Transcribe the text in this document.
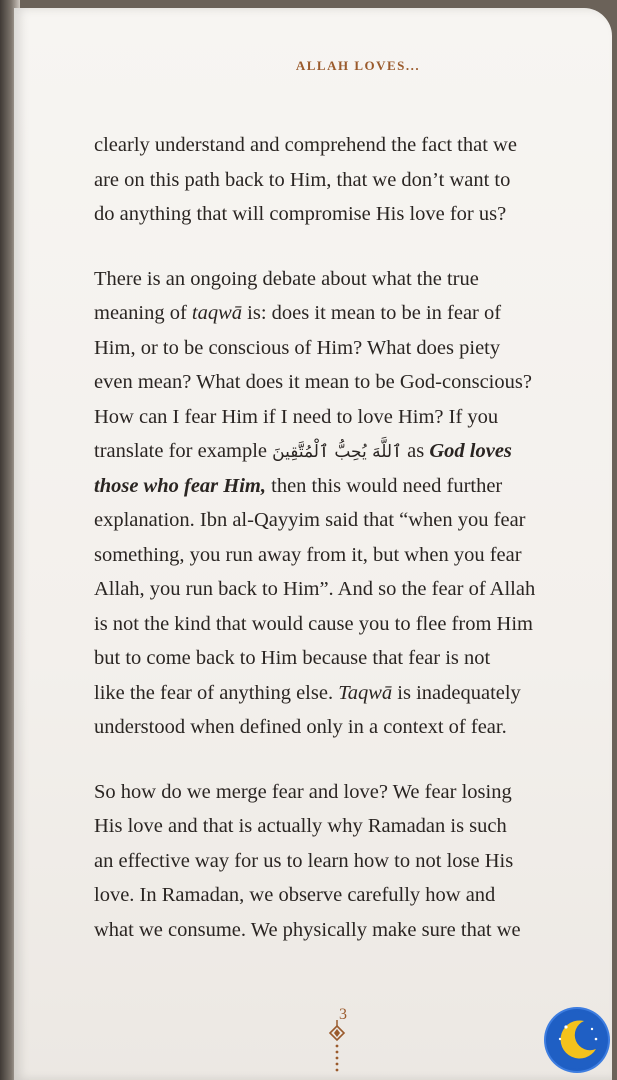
ALLAH LOVES...

clearly understand and comprehend the fact that we
are on this path back to Him, that we don’t want to
do anything that will compromise His love for us?

There is an ongoing debate about what the true
meaning of taqwā is: does it mean to be in fear of
Him, or to be conscious of Him? What does piety
even mean? What does it mean to be God-conscious?
How can I fear Him if I need to love Him? If you
translate for example ٱللَّهَ يُحِبُّ ٱلْمُتَّقِينَ as God loves
those who fear Him, then this would need further
explanation. Ibn al-Qayyim said that “when you fear
something, you run away from it, but when you fear
Allah, you run back to Him”. And so the fear of Allah
is not the kind that would cause you to flee from Him
but to come back to Him because that fear is not
like the fear of anything else. Taqwā is inadequately
understood when defined only in a context of fear.

So how do we merge fear and love? We fear losing
His love and that is actually why Ramadan is such
an effective way for us to learn how to not lose His
love. In Ramadan, we observe carefully how and
what we consume. We physically make sure that we

3
